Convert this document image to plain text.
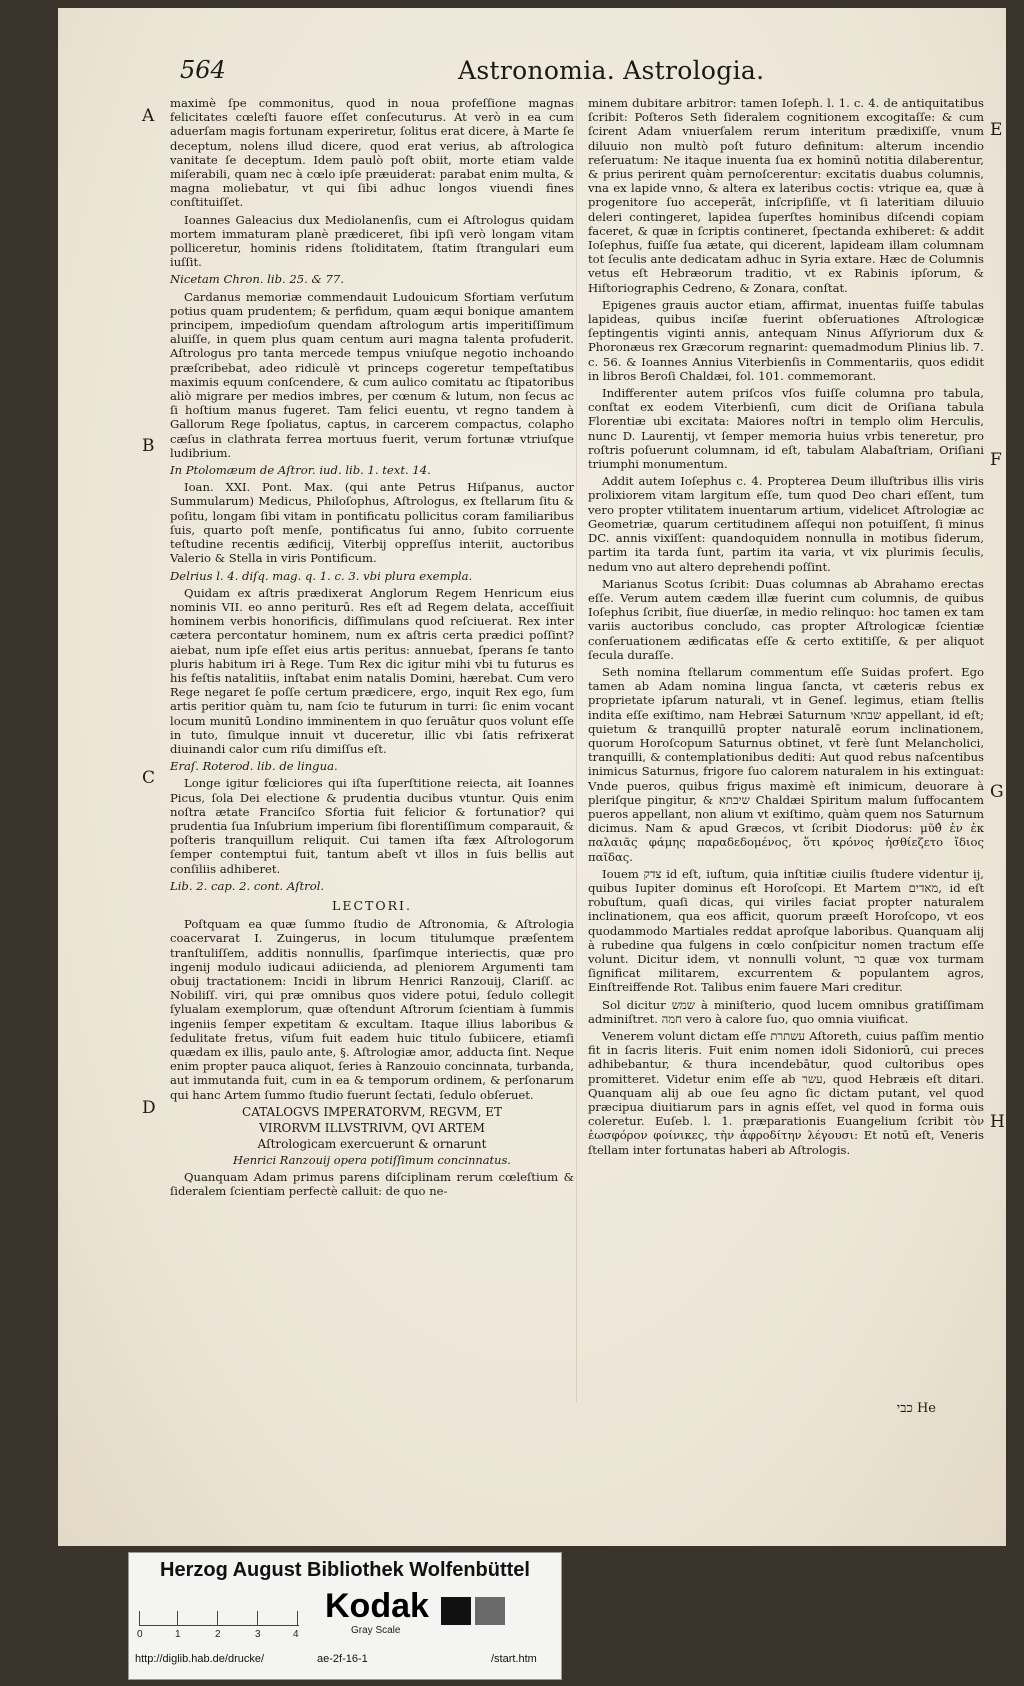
564	Astronomia. Astrologia.
A
B
C
D
E
F
G
H

maximè ſpe commonitus, quod in noua profeſſione magnas felicitates cœleſti fauore eſſet conſecuturus. At verò in ea cum aduerſam magis fortunam experiretur, ſolitus erat dicere, à Marte ſe deceptum, nolens illud dicere, quod erat verius, ab aſtrologica vanitate ſe deceptum. Idem paulò poſt obiit, morte etiam valde miſerabili, quam nec à cœlo ipſe præuiderat: parabat enim multa, & magna moliebatur, vt qui ſibi adhuc longos viuendi fines conſtituiſſet.

Ioannes Galeacius dux Mediolanenſis, cum ei Aſtrologus quidam mortem immaturam planè prædiceret, ſibi ipſi verò longam vitam polliceretur, hominis ridens ſtoliditatem, ſtatim ſtrangulari eum iuſſit.

Nicetam Chron. lib. 25. & 77.

Cardanus memoriæ commendauit Ludouicum Sfortiam verſutum potius quam prudentem; & perfidum, quam æqui bonique amantem principem, impedioſum quendam aſtrologum artis imperitiſſimum aluiſſe, in quem plus quam centum auri magna talenta profuderit. Aſtrologus pro tanta mercede tempus vniuſque negotio inchoando præſcribebat, adeo ridiculè vt princeps cogeretur tempeſtatibus maximis equum conſcendere, & cum aulico comitatu ac ſtipatoribus aliò migrare per medios imbres, per cœnum & lutum, non ſecus ac ſi hoſtium manus fugeret. Tam felici euentu, vt regno tandem à Gallorum Rege ſpoliatus, captus, in carcerem compactus, colapho cæſus in clathrata ferrea mortuus fuerit, verum fortunæ vtriuſque ludibrium.

In Ptolomæum de Aſtror. iud. lib. 1. text. 14.

Ioan. XXI. Pont. Max. (qui ante Petrus Hiſpanus, auctor Summularum) Medicus, Philoſophus, Aſtrologus, ex ſtellarum ſitu & poſitu, longam ſibi vitam in pontificatu pollicitus coram familiaribus ſuis, quarto poſt menſe, pontificatus ſui anno, ſubito corruente teſtudine recentis ædificij, Viterbij oppreſſus interiit, auctoribus Valerio & Stella in viris Pontificum.

Delrius l. 4. diſq. mag. q. 1. c. 3. vbi plura exempla.

Quidam ex aſtris prædixerat Anglorum Regem Henricum eius nominis VII. eo anno periturū. Res eſt ad Regem delata, acceſſiuit hominem verbis honorificis, diſſimulans quod reſciuerat. Rex inter cætera percontatur hominem, num ex aſtris certa prædici poſſint? aiebat, num ipſe eſſet eius artis peritus: annuebat, ſperans ſe tanto pluris habitum iri à Rege. Tum Rex dic igitur mihi vbi tu futurus es his feſtis natalitiis, inſtabat enim natalis Domini, hærebat. Cum vero Rege negaret ſe poſſe certum prædicere, ergo, inquit Rex ego, ſum artis peritior quàm tu, nam ſcio te futurum in turri: ſic enim vocant locum munitū Londino imminentem in quo ſeruātur quos volunt eſſe in tuto, ſimulque innuit vt duceretur, illic vbi ſatis refrixerat diuinandi calor cum riſu dimiſſus eſt.

Eraſ. Roterod. lib. de lingua.

Longe igitur fœliciores qui iſta ſuperſtitione reiecta, ait Ioannes Picus, ſola Dei electione & prudentia ducibus vtuntur. Quis enim noſtra ætate Franciſco Sfortia fuit felicior & fortunatior? qui prudentia ſua Inſubrium imperium ſibi florentiſſimum comparauit, & poſteris tranquillum reliquit. Cui tamen iſta fæx Aſtrologorum ſemper contemptui fuit, tantum abeſt vt illos in ſuis bellis aut conſiliis adhiberet.

Lib. 2. cap. 2. cont. Aſtrol.

LECTORI.

Poſtquam ea quæ ſummo ſtudio de Aſtronomia, & Aſtrologia coacervarat I. Zuingerus, in locum titulumque præſentem tranſtuliſſem, additis nonnullis, ſparſimque interiectis, quæ pro ingenij modulo iudicaui adiicienda, ad pleniorem Argumenti tam obuij tractationem: Incidi in librum Henrici Ranzouij, Clariſſ. ac Nobiliſſ. viri, qui præ omnibus quos videre potui, ſedulo collegit ſylualam exemplorum, quæ oſtendunt Aſtrorum ſcientiam à ſummis ingeniis ſemper expetitam & excultam. Itaque illius laboribus & ſedulitate fretus, viſum fuit eadem huic titulo ſubiicere, etiamſi quædam ex illis, paulo ante, §. Aſtrologiæ amor, adducta ſint. Neque enim propter pauca aliquot, ſeries à Ranzouio concinnata, turbanda, aut immutanda fuit, cum in ea & temporum ordinem, & perſonarum qui hanc Artem ſummo ſtudio fuerunt ſectati, ſedulo obſeruet.

CATALOGVS IMPERATORVM, REGVM, ET

VIRORVM ILLVSTRIVM, QVI ARTEM

Aſtrologicam exercuerunt & ornarunt

Henrici Ranzouij opera potiſſimum concinnatus.

Quanquam Adam primus parens diſciplinam rerum cœleſtium & ſideralem ſcientiam perfectè calluit: de quo ne-

minem dubitare arbitror: tamen Ioſeph. l. 1. c. 4. de antiquitatibus ſcribit: Poſteros Seth ſideralem cognitionem excogitaſſe: & cum ſcirent Adam vniuerſalem rerum interitum prædixiſſe, vnum diluuio non multò poſt futuro definitum: alterum incendio reſeruatum: Ne itaque inuenta ſua ex hominū notitia dilaberentur, & prius perirent quàm pernoſcerentur: excitatis duabus columnis, vna ex lapide vnno, & altera ex lateribus coctis: vtrique ea, quæ à progenitore ſuo acceperāt, inſcripſiſſe, vt ſi lateritiam diluuio deleri contingeret, lapidea ſuperſtes hominibus diſcendi copiam faceret, & quæ in ſcriptis contineret, ſpectanda exhiberet: & addit Ioſephus, fuiſſe ſua ætate, qui dicerent, lapideam illam columnam tot ſeculis ante dedicatam adhuc in Syria extare. Hæc de Columnis vetus eſt Hebræorum traditio, vt ex Rabinis ipſorum, & Hiſtoriographis Cedreno, & Zonara, conſtat.

Epigenes grauis auctor etiam, affirmat, inuentas fuiſſe tabulas lapideas, quibus inciſæ fuerint obſeruationes Aſtrologicæ ſeptingentis viginti annis, antequam Ninus Aſſyriorum dux & Phoronæus rex Græcorum regnarint: quemadmodum Plinius lib. 7. c. 56. & Ioannes Annius Viterbienſis in Commentariis, quos edidit in libros Beroſi Chaldæi, fol. 101. commemorant.

Indifferenter autem priſcos vſos fuiſſe columna pro tabula, conſtat ex eodem Viterbienſi, cum dicit de Oriſiana tabula Florentiæ ubi excitata: Maiores noſtri in templo olim Herculis, nunc D. Laurentij, vt ſemper memoria huius vrbis teneretur, pro roſtris poſuerunt columnam, id eſt, tabulam Alabaſtriam, Oriſiani triumphi monumentum.

Addit autem Ioſephus c. 4. Propterea Deum illuſtribus illis viris prolixiorem vitam largitum eſſe, tum quod Deo chari eſſent, tum vero propter vtilitatem inuentarum artium, videlicet Aſtrologiæ ac Geometriæ, quarum certitudinem aſſequi non potuiſſent, ſi minus DC. annis vixiſſent: quandoquidem nonnulla in motibus ſiderum, partim ita tarda ſunt, partim ita varia, vt vix plurimis ſeculis, nedum vno aut altero deprehendi poſſint.

Marianus Scotus ſcribit: Duas columnas ab Abrahamo erectas eſſe. Verum autem cædem illæ fuerint cum columnis, de quibus Ioſephus ſcribit, ſiue diuerſæ, in medio relinquo: hoc tamen ex tam variis auctoribus concludo, cas propter Aſtrologicæ ſcientiæ conſeruationem ædificatas eſſe & certo extitiſſe, & per aliquot ſecula duraſſe.

Seth nomina ſtellarum commentum eſſe Suidas profert. Ego tamen ab Adam nomina lingua ſancta, vt cæteris rebus ex proprietate ipſarum naturali, vt in Geneſ. legimus, etiam ſtellis indita eſſe exiſtimo, nam Hebræi Saturnum שבתאי appellant, id eſt; quietum & tranquillū propter naturalē eorum inclinationem, quorum Horoſcopum Saturnus obtinet, vt ferè ſunt Melancholici, tranquilli, & contemplationibus dediti: Aut quod rebus naſcentibus inimicus Saturnus, frigore ſuo calorem naturalem in his extinguat: Vnde pueros, quibus frigus maximè eſt inimicum, deuorare à pleriſque pingitur, & שיבתא Chaldæi Spiritum malum ſuffocantem pueros appellant, non alium vt exiſtimo, quàm quem nos Saturnum dicimus. Nam & apud Græcos, vt ſcribit Diodorus: μῦθ̓ ἐν ἐκ παλαιᾶς φάμης παραδεδομένος, ὅτι κρόνος ἠσθίεζετο ἴδιος παῖδας.

Iouem צדק id eſt, iuſtum, quia inſtitiæ ciuilis ſtudere videntur ij, quibus Iupiter dominus eſt Horoſcopi. Et Martem מאדים, id eſt robuſtum, quaſi dicas, qui viriles faciat propter naturalem inclinationem, qua eos afficit, quorum præeſt Horoſcopo, vt eos quodammodo Martiales reddat aproſque laboribus. Quanquam alij à rubedine qua fulgens in cœlo conſpicitur nomen tractum eſſe volunt. Dicitur idem, vt nonnulli volunt, בר quæ vox turmam ſignificat militarem, excurrentem & populantem agros, Einſtreiffende Rot. Talibus enim fauere Mari creditur.

Sol dicitur שמש à miniſterio, quod lucem omnibus gratiſſimam adminiſtret. חמה vero à calore ſuo, quo omnia viuificat.

Venerem volunt dictam eſſe עשתרת Aſtoreth, cuius paſſim mentio fit in ſacris literis. Fuit enim nomen idoli Sidoniorū, cui preces adhibebantur, & thura incendebātur, quod cultoribus opes promitteret. Videtur enim eſſe ab עשר, quod Hebræis eſt ditari. Quanquam alij ab oue ſeu agno ſic dictam putant, vel quod præcipua diuitiarum pars in agnis eſſet, vel quod in forma ouis coleretur. Euſeb. l. 1. præparationis Euangelium ſcribit τὸν ἑωσφόρον φοίνικες, τὴν ἀφροδίτην λέγουσι: Et notū eſt, Veneris ſtellam inter fortunatas haberi ab Aſtrologis.

כבי He
Herzog August Bibliothek Wolfenbüttel
0	1	2	3	4
Kodak
Gray Scale
http://diglib.hab.de/drucke/	ae-2f-16-1	/start.htm
